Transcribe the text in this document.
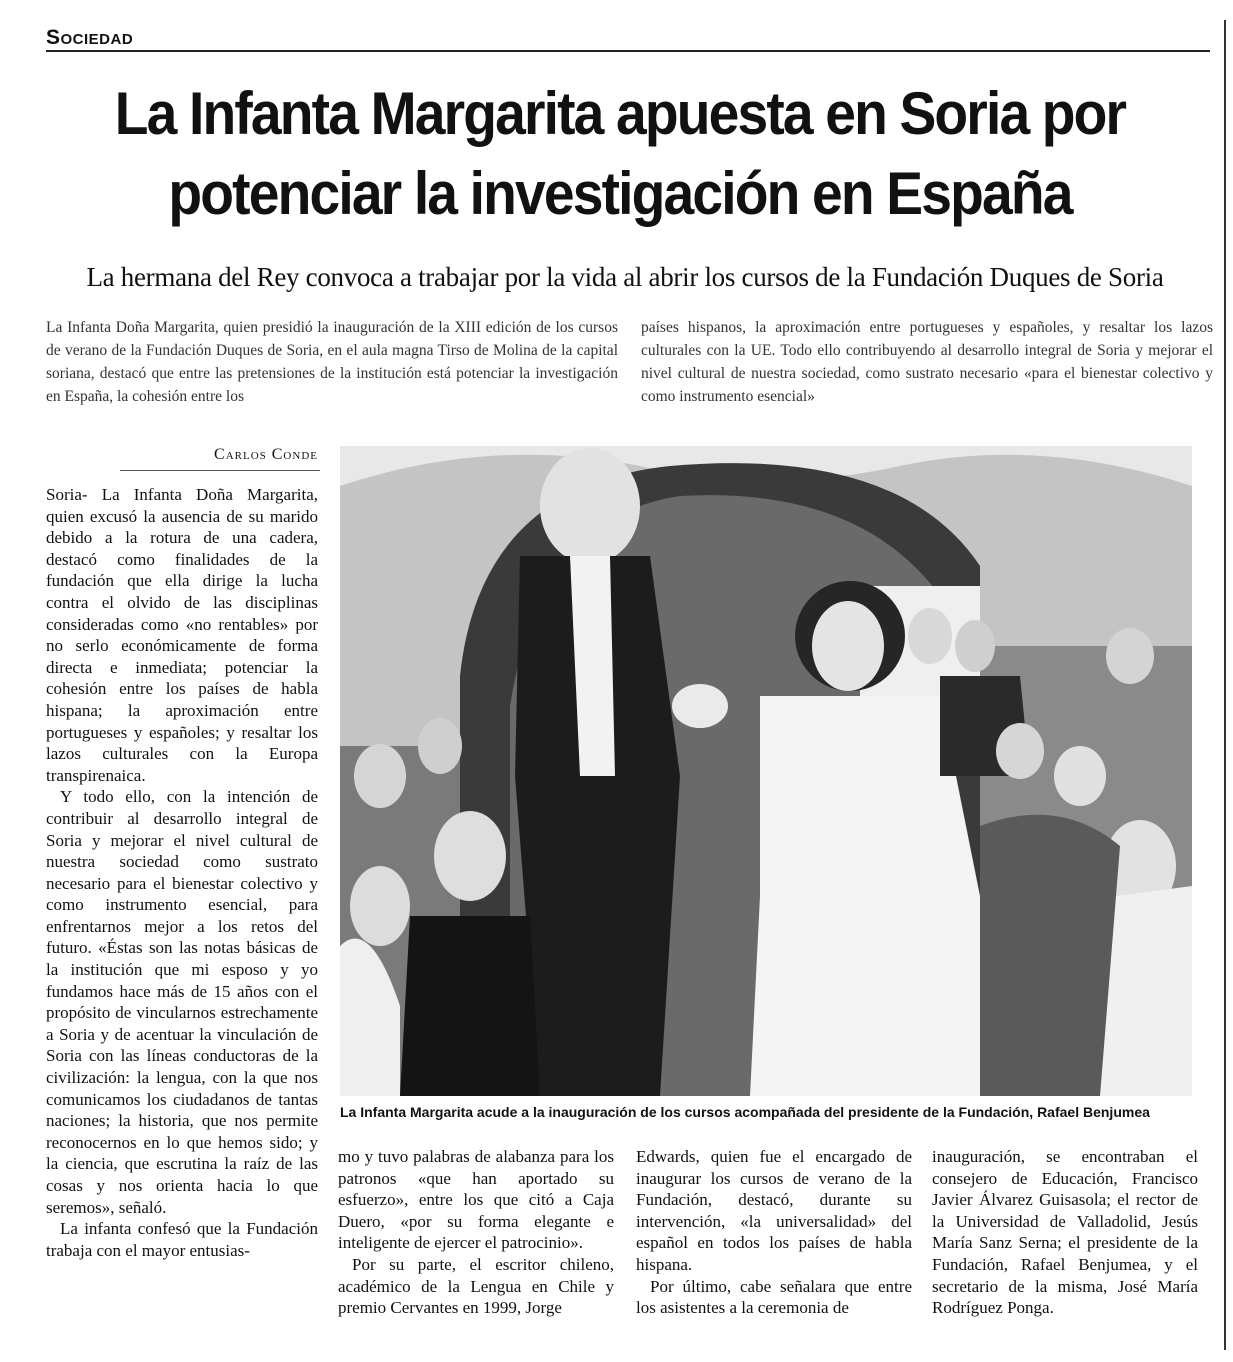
Sociedad
La Infanta Margarita apuesta en Soria por potenciar la investigación en España
La hermana del Rey convoca a trabajar por la vida al abrir los cursos de la Fundación Duques de Soria
La Infanta Doña Margarita, quien presidió la inauguración de la XIII edición de los cursos de verano de la Fundación Duques de Soria, en el aula magna Tirso de Molina de la capital soriana, destacó que entre las pretensiones de la institución está potenciar la investigación en España, la cohesión entre los
países hispanos, la aproximación entre portugueses y españoles, y resaltar los lazos culturales con la UE. Todo ello contribuyendo al desarrollo integral de Soria y mejorar el nivel cultural de nuestra sociedad, como sustrato necesario «para el bienestar colectivo y como instrumento esencial»
Carlos Conde

Soria- La Infanta Doña Margarita, quien excusó la ausencia de su marido debido a la rotura de una cadera, destacó como finalidades de la fundación que ella dirige la lucha contra el olvido de las disciplinas consideradas como «no rentables» por no serlo económicamente de forma directa e inmediata; potenciar la cohesión entre los países de habla hispana; la aproximación entre portugueses y españoles; y resaltar los lazos culturales con la Europa transpirenaica.

Y todo ello, con la intención de contribuir al desarrollo integral de Soria y mejorar el nivel cultural de nuestra sociedad como sustrato necesario para el bienestar colectivo y como instrumento esencial, para enfrentarnos mejor a los retos del futuro. «Éstas son las notas básicas de la institución que mi esposo y yo fundamos hace más de 15 años con el propósito de vincularnos estrechamente a Soria y de acentuar la vinculación de Soria con las líneas conductoras de la civilización: la lengua, con la que nos comunicamos los ciudadanos de tantas naciones; la historia, que nos permite reconocernos en lo que hemos sido; y la ciencia, que escrutina la raíz de las cosas y nos orienta hacia lo que seremos», señaló.

La infanta confesó que la Fundación trabaja con el mayor entusias-

La Infanta Margarita acude a la inauguración de los cursos acompañada del presidente de la Fundación, Rafael Benjumea

mo y tuvo palabras de alabanza para los patronos «que han aportado su esfuerzo», entre los que citó a Caja Duero, «por su forma elegante e inteligente de ejercer el patrocinio».

Por su parte, el escritor chileno, académico de la Lengua en Chile y premio Cervantes en 1999, Jorge

Edwards, quien fue el encargado de inaugurar los cursos de verano de la Fundación, destacó, durante su intervención, «la universalidad» del español en todos los países de habla hispana.

Por último, cabe señalara que entre los asistentes a la ceremonia de

inauguración, se encontraban el consejero de Educación, Francisco Javier Álvarez Guisasola; el rector de la Universidad de Valladolid, Jesús María Sanz Serna; el presidente de la Fundación, Rafael Benjumea, y el secretario de la misma, José María Rodríguez Ponga.
